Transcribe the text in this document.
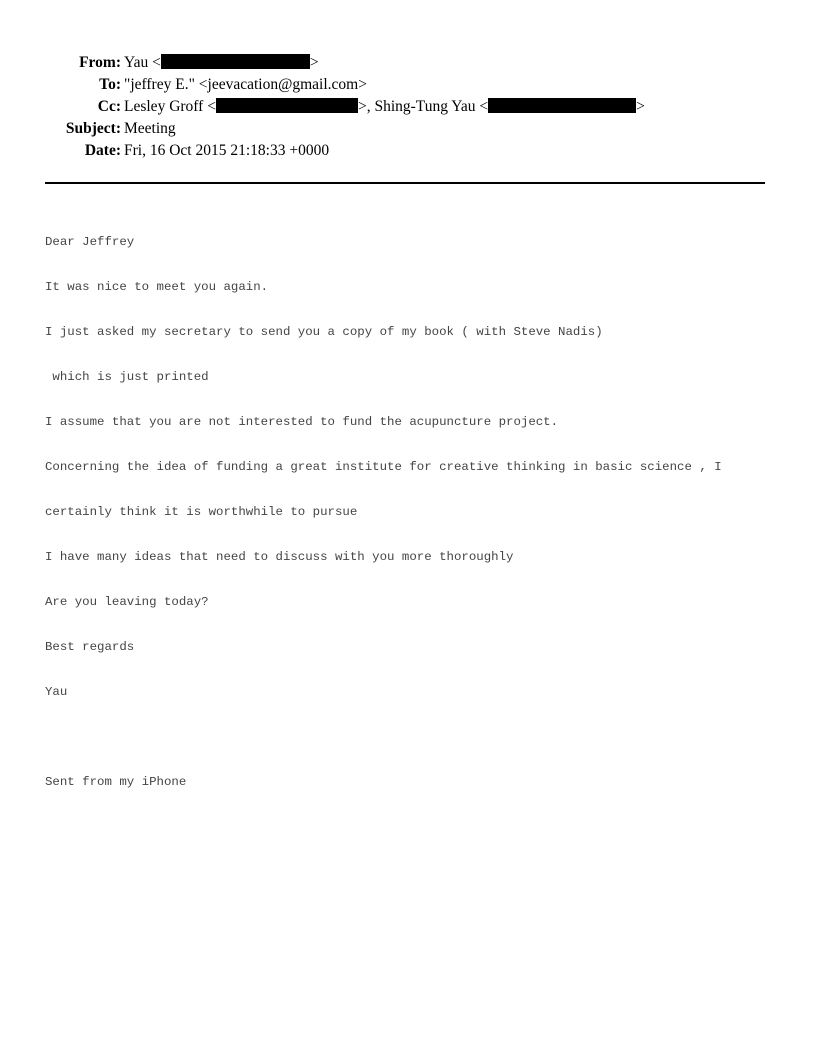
From: Yau <	>
To: "jeffrey E." <jeevacation@gmail.com>
Cc: Lesley Groff <	>, Shing-Tung Yau <	>
Subject: Meeting
Date: Fri, 16 Oct 2015 21:18:33 +0000

Dear Jeffrey

It was nice to meet you again.

I just asked my secretary to send you a copy of my book ( with Steve Nadis)

which is just printed

I assume that you are not interested to fund the acupuncture project.

Concerning the idea of funding a great institute for creative thinking in basic science , I

certainly think it is worthwhile to pursue

I have many ideas that need to discuss with you more thoroughly

Are you leaving today?

Best regards

Yau

Sent from my iPhone
